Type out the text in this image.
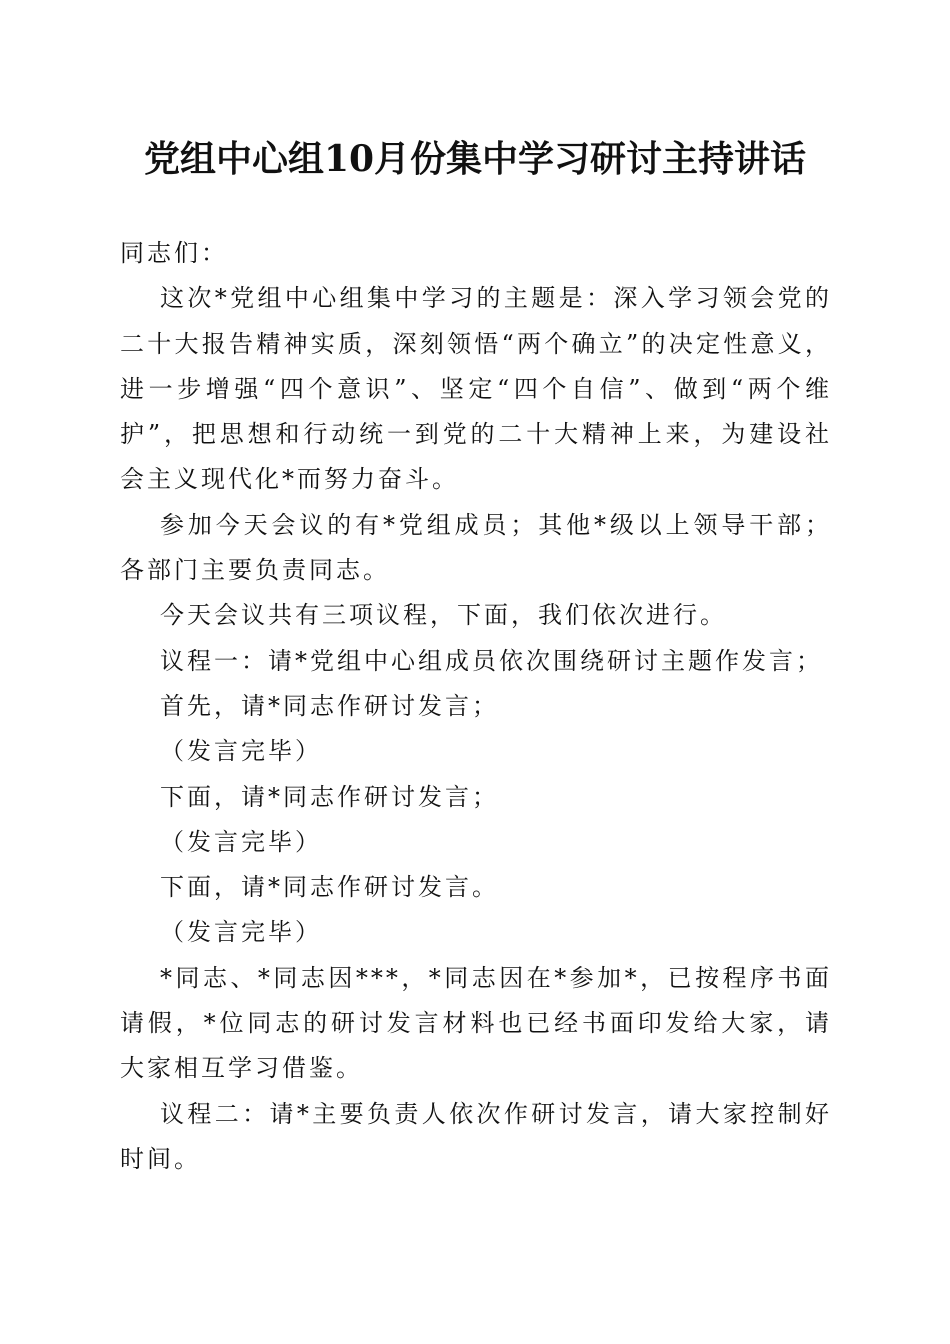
党组中心组10月份集中学习研讨主持讲话

同志们：

这次*党组中心组集中学习的主题是：深入学习领会党的二十大报告精神实质，深刻领悟“两个确立”的决定性意义，进一步增强“四个意识”、坚定“四个自信”、做到“两个维护”，把思想和行动统一到党的二十大精神上来，为建设社会主义现代化*而努力奋斗。

参加今天会议的有*党组成员；其他*级以上领导干部；各部门主要负责同志。

今天会议共有三项议程，下面，我们依次进行。

议程一：请*党组中心组成员依次围绕研讨主题作发言；

首先，请*同志作研讨发言；

（发言完毕）

下面，请*同志作研讨发言；

（发言完毕）

下面，请*同志作研讨发言。

（发言完毕）

*同志、*同志因***，*同志因在*参加*，已按程序书面请假，*位同志的研讨发言材料也已经书面印发给大家，请大家相互学习借鉴。

议程二：请*主要负责人依次作研讨发言，请大家控制好时间。
